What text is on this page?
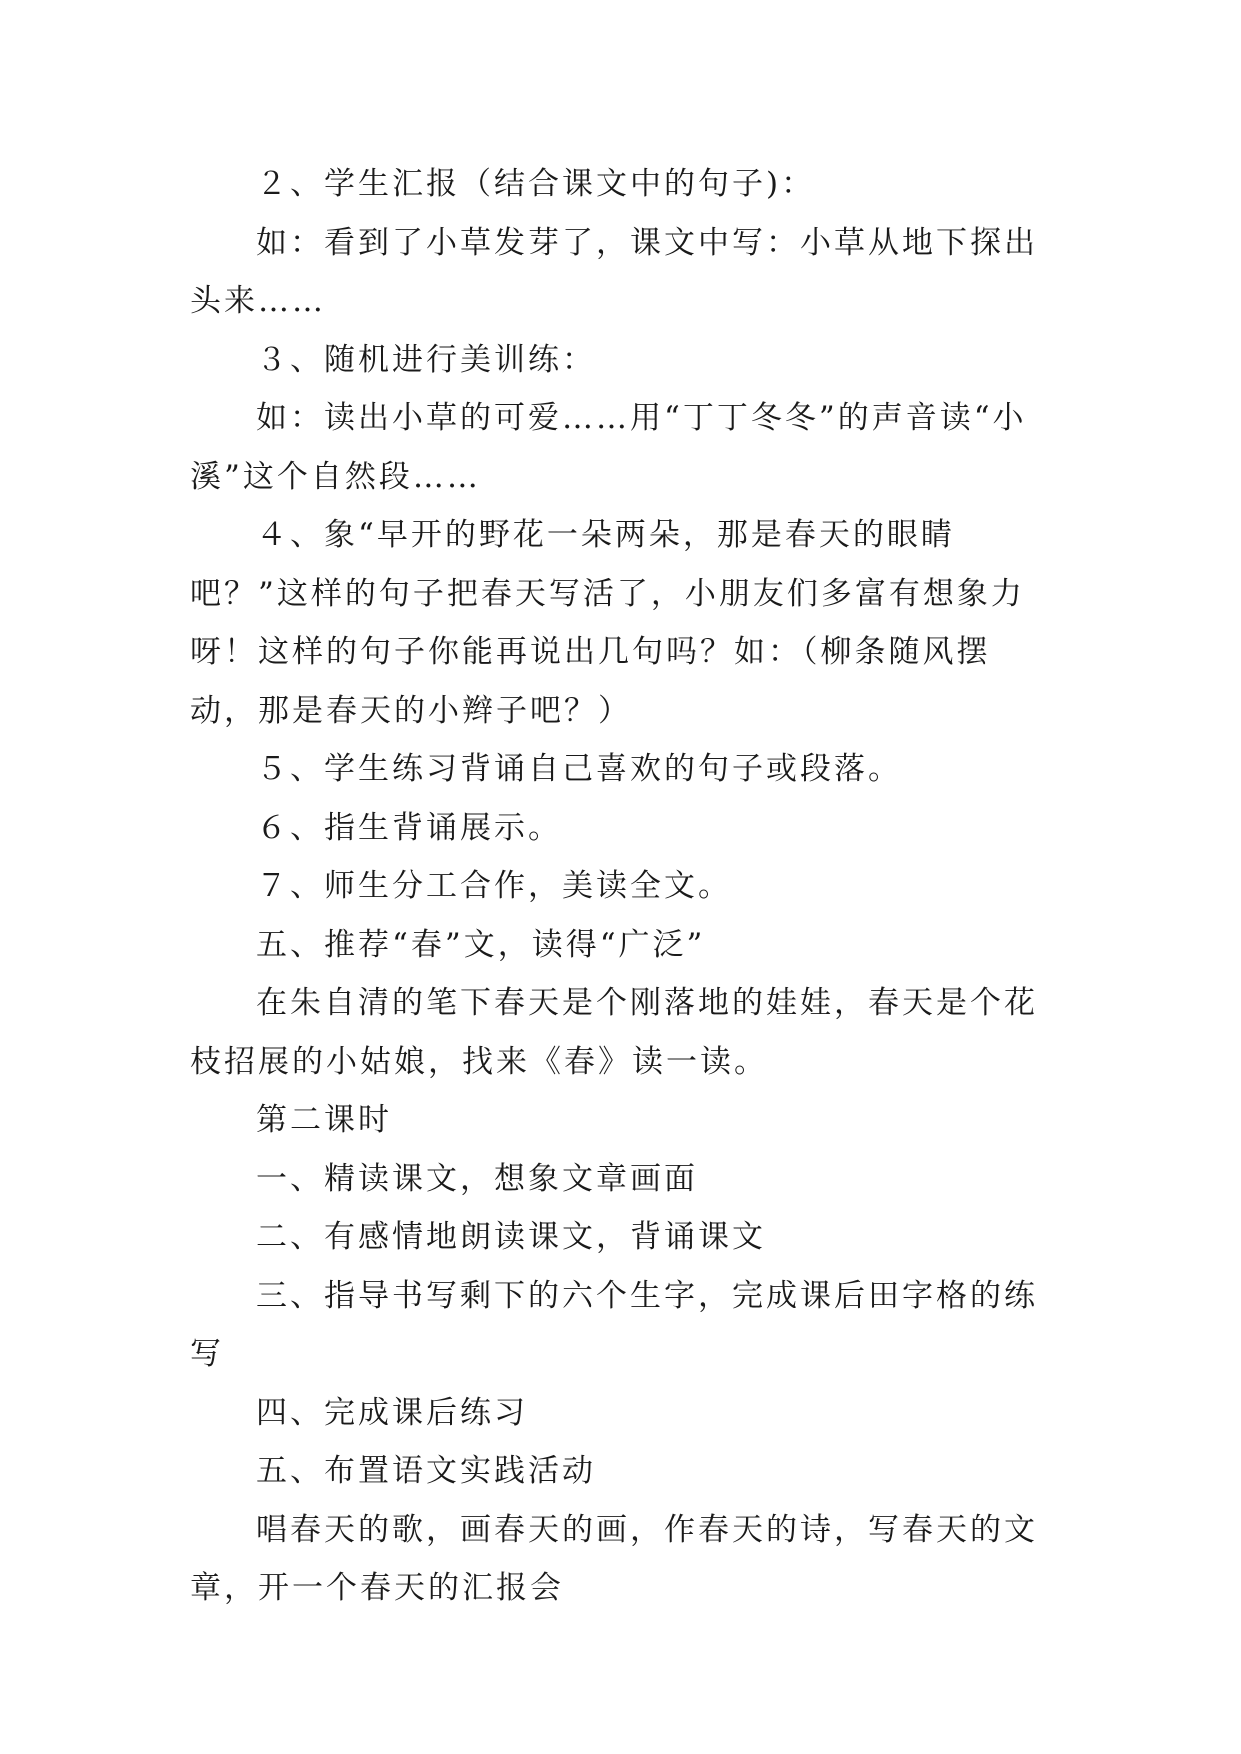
２、学生汇报（结合课文中的句子)：

如：看到了小草发芽了，课文中写：小草从地下探出头来……

３、随机进行美训练：

如：读出小草的可爱……用“丁丁冬冬”的声音读“小溪”这个自然段……

４、象“早开的野花一朵两朵，那是春天的眼睛吧？”这样的句子把春天写活了，小朋友们多富有想象力呀！这样的句子你能再说出几句吗？如：（柳条随风摆动，那是春天的小辫子吧？）

５、学生练习背诵自己喜欢的句子或段落。

６、指生背诵展示。

７、师生分工合作，美读全文。

五、推荐“春”文，读得“广泛”

在朱自清的笔下春天是个刚落地的娃娃，春天是个花枝招展的小姑娘，找来《春》读一读。

第二课时

一、精读课文，想象文章画面

二、有感情地朗读课文，背诵课文

三、指导书写剩下的六个生字，完成课后田字格的练写

四、完成课后练习

五、布置语文实践活动

唱春天的歌，画春天的画，作春天的诗，写春天的文章，开一个春天的汇报会
